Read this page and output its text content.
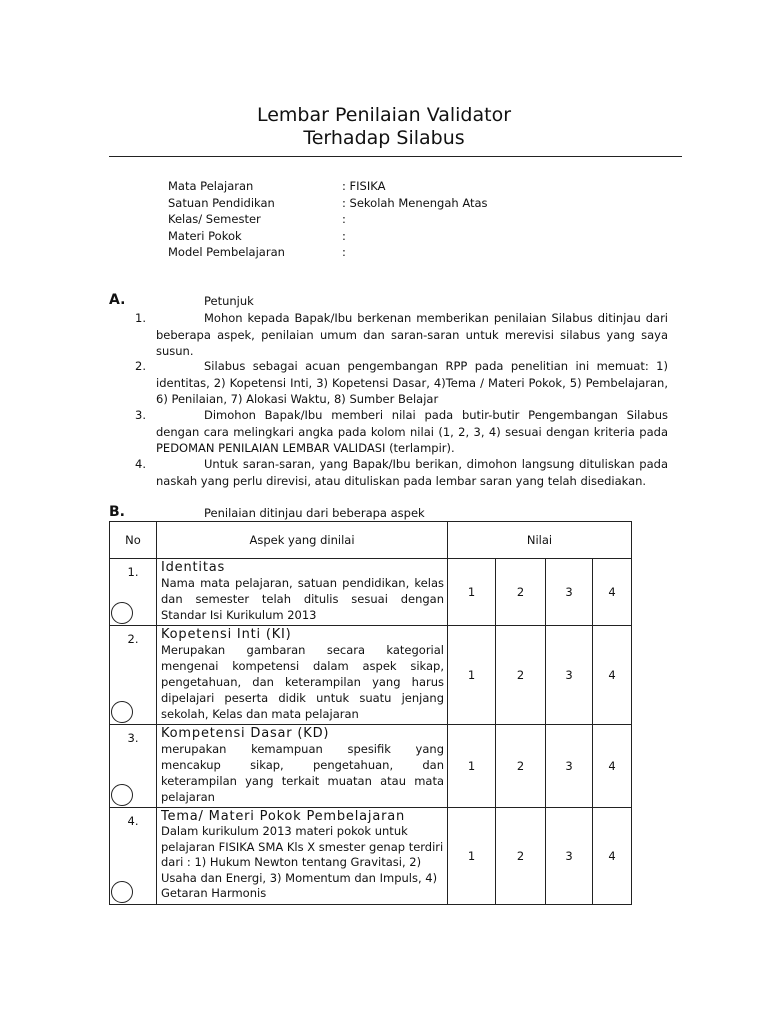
Lembar Penilaian Validator
Terhadap Silabus
Mata Pelajaran	: FISIKA
Satuan Pendidikan	: Sekolah Menengah Atas
Kelas/ Semester	:
Materi Pokok	:
Model Pembelajaran	:
A.	Petunjuk
1.	Mohon kepada Bapak/Ibu berkenan memberikan penilaian Silabus ditinjau dari beberapa aspek, penilaian umum dan saran-saran untuk merevisi silabus yang saya susun.

2.	Silabus sebagai acuan pengembangan RPP pada penelitian ini memuat: 1) identitas, 2) Kopetensi Inti, 3) Kopetensi Dasar, 4)Tema / Materi Pokok, 5) Pembelajaran, 6) Penilaian, 7) Alokasi Waktu, 8) Sumber Belajar

3.	Dimohon Bapak/Ibu memberi nilai pada butir-butir Pengembangan Silabus dengan cara melingkari angka pada kolom nilai (1, 2, 3, 4) sesuai dengan kriteria pada PEDOMAN PENILAIAN LEMBAR VALIDASI (terlampir).

4.	Untuk saran-saran, yang Bapak/Ibu berikan, dimohon langsung dituliskan pada naskah yang perlu direvisi, atau dituliskan pada lembar saran yang telah disediakan.

B.	Penilaian ditinjau dari beberapa aspek
No	Aspek yang dinilai	Nilai			

1.	Identitas
Nama mata pelajaran, satuan pendidikan, kelas dan semester telah ditulis sesuai dengan Standar Isi Kurikulum 2013	1	2	3	4

2.	Kopetensi Inti (KI)
Merupakan gambaran secara kategorial mengenai kompetensi dalam aspek sikap, pengetahuan, dan keterampilan yang harus dipelajari peserta didik untuk suatu jenjang sekolah, Kelas dan mata pelajaran	1	2	3	4

3.	Kompetensi Dasar (KD)
merupakan kemampuan spesifik yang mencakup sikap, pengetahuan, dan keterampilan yang terkait muatan atau mata pelajaran	1	2	3	4

4.	Tema/ Materi Pokok Pembelajaran
Dalam kurikulum 2013 materi pokok untuk pelajaran FISIKA SMA Kls X smester genap terdiri dari : 1) Hukum Newton tentang Gravitasi, 2) Usaha dan Energi, 3) Momentum dan Impuls, 4) Getaran Harmonis	1	2	3	4
